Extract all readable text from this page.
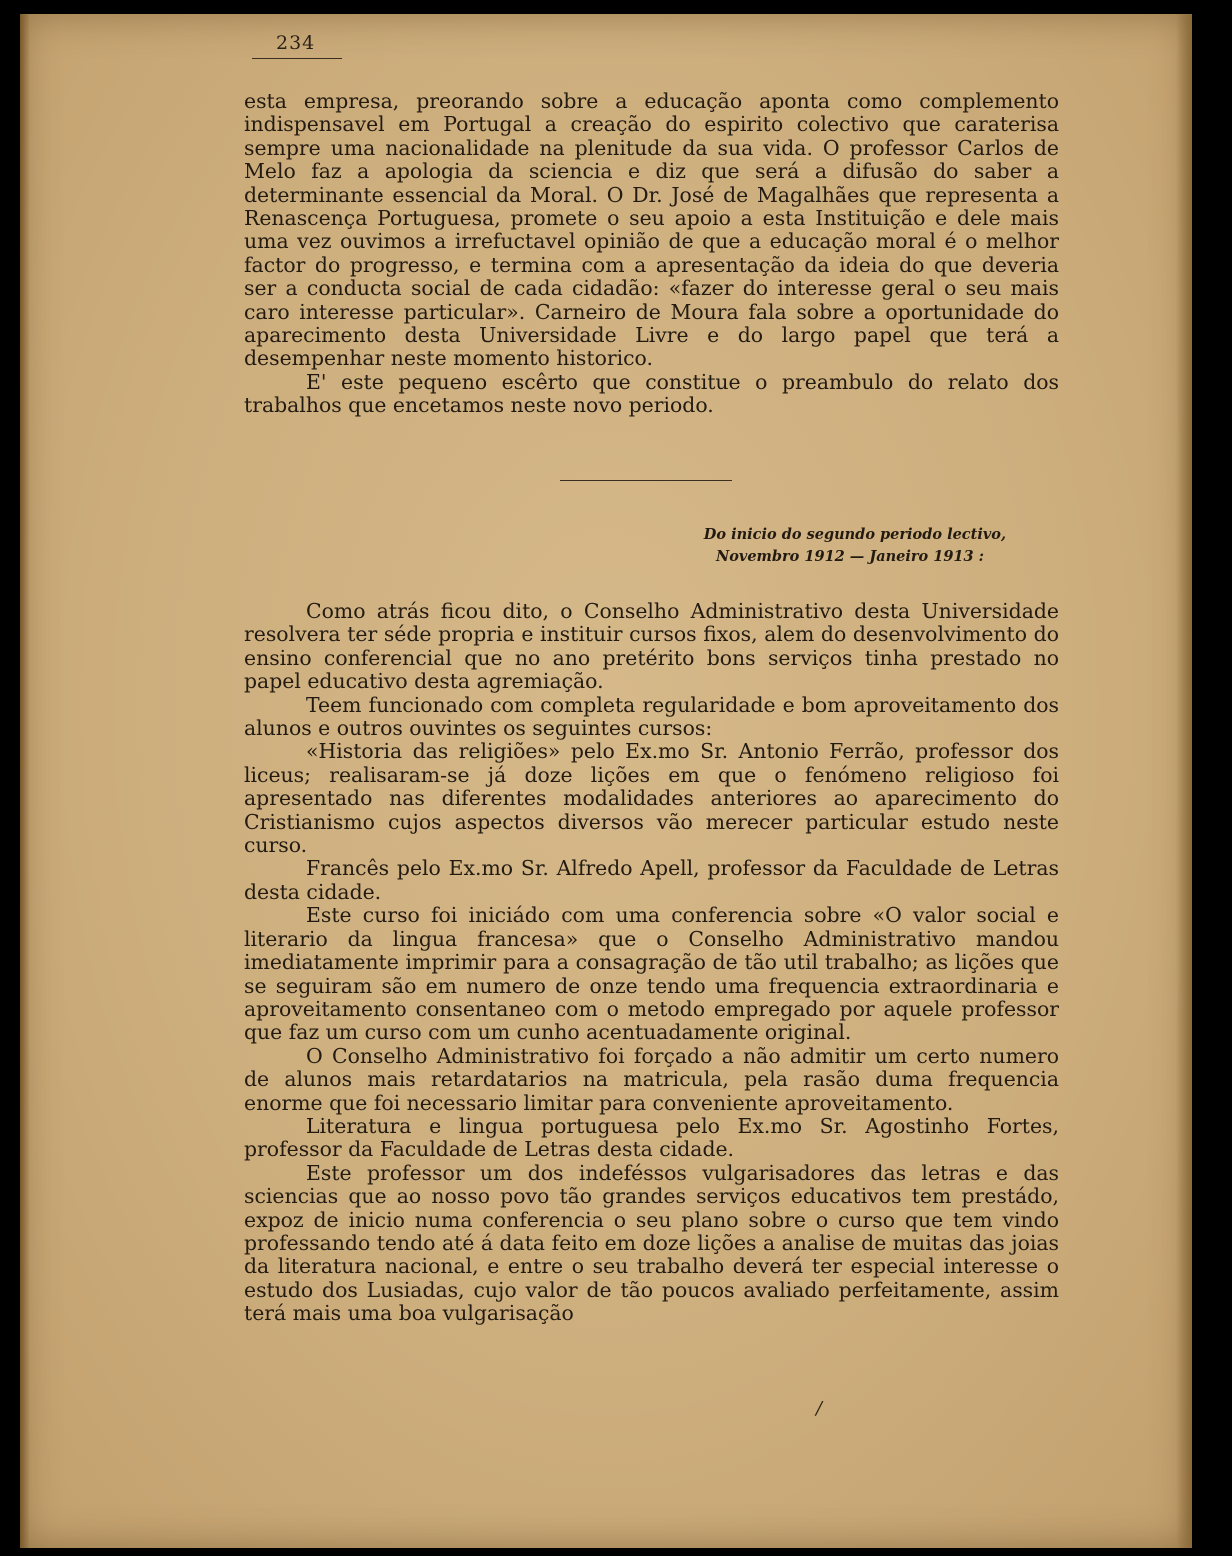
234

esta empresa, preorando sobre a educação aponta como complemento indispensavel em Portugal a creação do espirito colectivo que caraterisa sempre uma nacionalidade na plenitude da sua vida. O professor Carlos de Melo faz a apologia da sciencia e diz que será a difusão do saber a determinante essencial da Moral. O Dr. José de Magalhães que representa a Renascença Portuguesa, promete o seu apoio a esta Instituição e dele mais uma vez ouvimos a irrefuctavel opinião de que a educação moral é o melhor factor do progresso, e termina com a apresentação da ideia do que deveria ser a conducta social de cada cidadão: «fazer do interesse geral o seu mais caro interesse particular». Carneiro de Moura fala sobre a oportunidade do aparecimento desta Universidade Livre e do largo papel que terá a desempenhar neste momento historico.

E' este pequeno escêrto que constitue o preambulo do relato dos trabalhos que encetamos neste novo periodo.

Do inicio do segundo periodo lectivo,
Novembro 1912 — Janeiro 1913 :

Como atrás ficou dito, o Conselho Administrativo desta Universidade resolvera ter séde propria e instituir cursos fixos, alem do desenvolvimento do ensino conferencial que no ano pretérito bons serviços tinha prestado no papel educativo desta agremiação.

Teem funcionado com completa regularidade e bom aproveitamento dos alunos e outros ouvintes os seguintes cursos:

«Historia das religiões» pelo Ex.mo Sr. Antonio Ferrão, professor dos liceus; realisaram-se já doze lições em que o fenómeno religioso foi apresentado nas diferentes modalidades anteriores ao aparecimento do Cristianismo cujos aspectos diversos vão merecer particular estudo neste curso.

Francês pelo Ex.mo Sr. Alfredo Apell, professor da Faculdade de Letras desta cidade.

Este curso foi iniciádo com uma conferencia sobre «O valor social e literario da lingua francesa» que o Conselho Administrativo mandou imediatamente imprimir para a consagração de tão util trabalho; as lições que se seguiram são em numero de onze tendo uma frequencia extraordinaria e aproveitamento consentaneo com o metodo empregado por aquele professor que faz um curso com um cunho acentuadamente original.

O Conselho Administrativo foi forçado a não admitir um certo numero de alunos mais retardatarios na matricula, pela rasão duma frequencia enorme que foi necessario limitar para conveniente aproveitamento.

Literatura e lingua portuguesa pelo Ex.mo Sr. Agostinho Fortes, professor da Faculdade de Letras desta cidade.

Este professor um dos indeféssos vulgarisadores das letras e das sciencias que ao nosso povo tão grandes serviços educativos tem prestádo, expoz de inicio numa conferencia o seu plano sobre o curso que tem vindo professando tendo até á data feito em doze lições a analise de muitas das joias da literatura nacional, e entre o seu trabalho deverá ter especial interesse o estudo dos Lusiadas, cujo valor de tão poucos avaliado perfeitamente, assim terá mais uma boa vulgarisação

/
